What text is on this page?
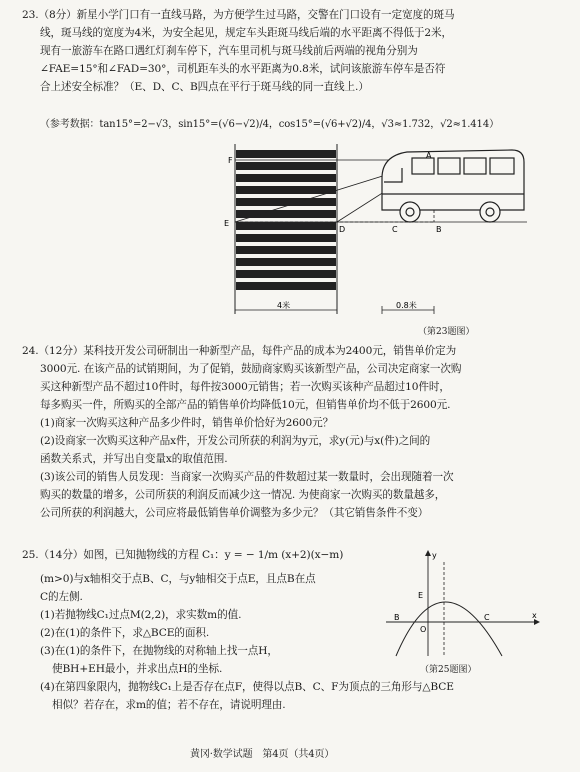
23.（8分）新星小学门口有一直线马路，为方便学生过马路，交警在门口设有一定宽度的斑马
线，斑马线的宽度为4米，为安全起见，规定车头距斑马线后端的水平距离不得低于2米，
现有一旅游车在路口遇红灯刹车停下，汽车里司机与斑马线前后两端的视角分别为
∠FAE=15°和∠FAD=30°，司机距车头的水平距离为0.8米，试问该旅游车停车是否符
合上述安全标准？（E、D、C、B四点在平行于斑马线的同一直线上.）
（参考数据：tan15°=2−√3，sin15°=(√6−√2)/4，cos15°=(√6+√2)/4，√3≈1.732，√2≈1.414）
F
E
D	C	B
A
4米	0.8米
（第23题图）
24.（12分）某科技开发公司研制出一种新型产品，每件产品的成本为2400元，销售单价定为
3000元. 在该产品的试销期间，为了促销，鼓励商家购买该新型产品，公司决定商家一次购
买这种新型产品不超过10件时，每件按3000元销售；若一次购买该种产品超过10件时，
每多购买一件，所购买的全部产品的销售单价均降低10元，但销售单价均不低于2600元.
(1)商家一次购买这种产品多少件时，销售单价恰好为2600元？
(2)设商家一次购买这种产品x件，开发公司所获的利润为y元，求y(元)与x(件)之间的
函数关系式，并写出自变量x的取值范围.
(3)该公司的销售人员发现：当商家一次购买产品的件数超过某一数量时，会出现随着一次
购买的数量的增多，公司所获的利润反而减少这一情况. 为使商家一次购买的数量越多，
公司所获的利润越大，公司应将最低销售单价调整为多少元？（其它销售条件不变）
25.（14分）如图，已知抛物线的方程 C₁：y = − 1/m (x+2)(x−m)
(m>0)与x轴相交于点B、C，与y轴相交于点E，且点B在点
C的左侧.
(1)若抛物线C₁过点M(2,2)，求实数m的值.
(2)在(1)的条件下，求△BCE的面积.
(3)在(1)的条件下，在抛物线的对称轴上找一点H，
使BH+EH最小，并求出点H的坐标.
(4)在第四象限内，抛物线C₁上是否存在点F，使得以点B、C、F为顶点的三角形与△BCE
相似？若存在，求m的值；若不存在，请说明理由.
y
x
E
B
O
C
（第25题图）
黄冈·数学试题　第4页（共4页）
